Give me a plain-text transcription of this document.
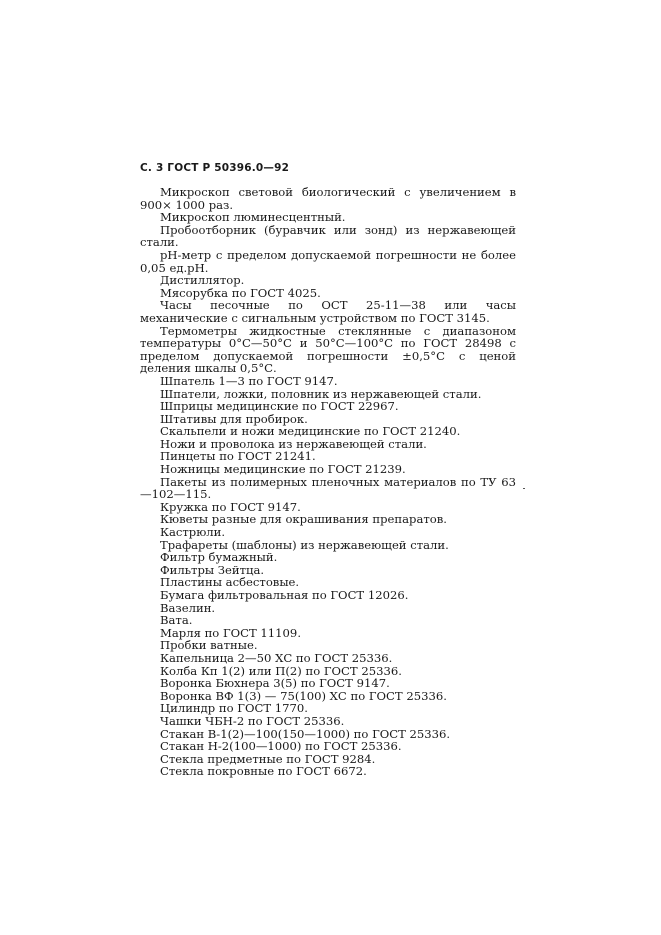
С. 3 ГОСТ Р 50396.0—92

Микроскоп световой биологический с увеличением в 900× 1000 раз.

Микроскоп люминесцентный.

Пробоотборник (буравчик или зонд) из нержавеющей стали.

pH-метр с пределом допускаемой погрешности не более 0,05 ед.pH.

Дистиллятор.

Мясорубка по ГОСТ 4025.

Часы песочные по ОСТ 25-11—38 или часы механические с сигнальным устройством по ГОСТ 3145.

Термометры жидкостные стеклянные с диапазоном температуры 0°С—50°С и 50°С—100°С по ГОСТ 28498 с пределом допускаемой погрешности ±0,5°С с ценой деления шкалы 0,5°С.

Шпатель 1—3 по ГОСТ 9147.

Шпатели, ложки, половник из нержавеющей стали.

Шприцы медицинские по ГОСТ 22967.

Штативы для пробирок.

Скальпели и ножи медицинские по ГОСТ 21240.

Ножи и проволока из нержавеющей стали.

Пинцеты по ГОСТ 21241.

Ножницы медицинские по ГОСТ 21239.

Пакеты из полимерных пленочных материалов по ТУ 63—102—115.

Кружка по ГОСТ 9147.

Кюветы разные для окрашивания препаратов.

Кастрюли.

Трафареты (шаблоны) из нержавеющей стали.

Фильтр бумажный.

Фильтры Зейтца.

Пластины асбестовые.

Бумага фильтровальная по ГОСТ 12026.

Вазелин.

Вата.

Марля по ГОСТ 11109.

Пробки ватные.

Капельница 2—50 ХС по ГОСТ 25336.

Колба Кп 1(2) или П(2) по ГОСТ 25336.

Воронка Бюхнера 3(5) по ГОСТ 9147.

Воронка ВФ 1(3) — 75(100) ХС по ГОСТ 25336.

Цилиндр по ГОСТ 1770.

Чашки ЧБН-2 по ГОСТ 25336.

Стакан В-1(2)—100(150—1000) по ГОСТ 25336.

Стакан Н-2(100—1000) по ГОСТ 25336.

Стекла предметные по ГОСТ 9284.

Стекла покровные по ГОСТ 6672.
